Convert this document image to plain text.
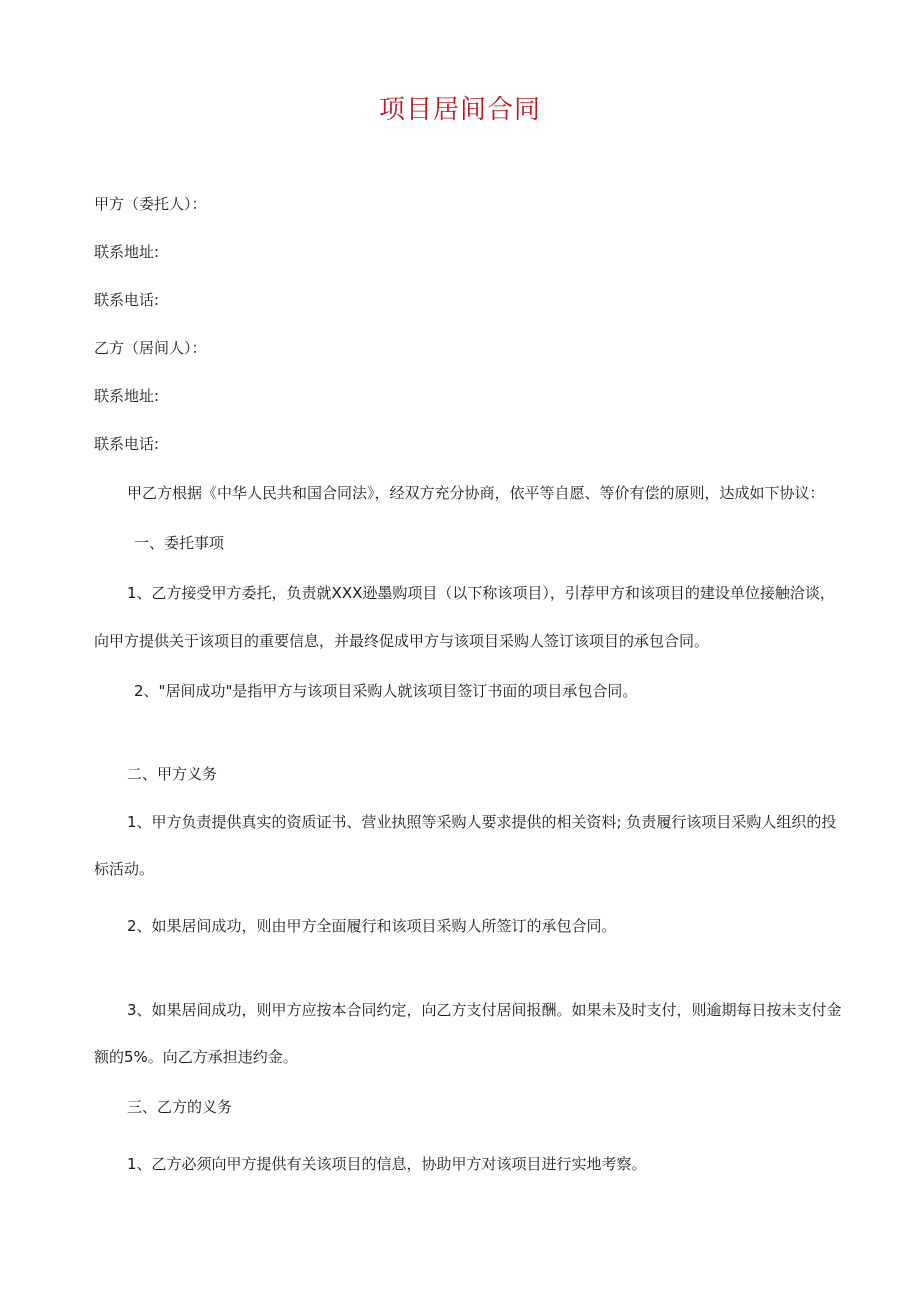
项目居间合同
甲方（委托人）：
联系地址:
联系电话:
乙方（居间人）：
联系地址:
联系电话:
甲乙方根据《中华人民共和国合同法》，经双方充分协商，依平等自愿、等价有偿的原则，达成如下协议：
一、委托事项
1、乙方接受甲方委托，负责就XXX逊墨购项目（以下称该项目），引荐甲方和该项目的建设单位接触洽谈，
向甲方提供关于该项目的重要信息，并最终促成甲方与该项目采购人签订该项目的承包合同。
2、"居间成功"是指甲方与该项目采购人就该项目签订书面的项目承包合同。
二、甲方义务
1、甲方负责提供真实的资质证书、营业执照等采购人要求提供的相关资料; 负责履行该项目采购人组织的投
标活动。
2、如果居间成功，则由甲方全面履行和该项目采购人所签订的承包合同。
3、如果居间成功，则甲方应按本合同约定，向乙方支付居间报酬。如果未及时支付，则逾期每日按未支付金
额的5%。向乙方承担违约金。
三、乙方的义务
1、乙方必须向甲方提供有关该项目的信息，协助甲方对该项目进行实地考察。
